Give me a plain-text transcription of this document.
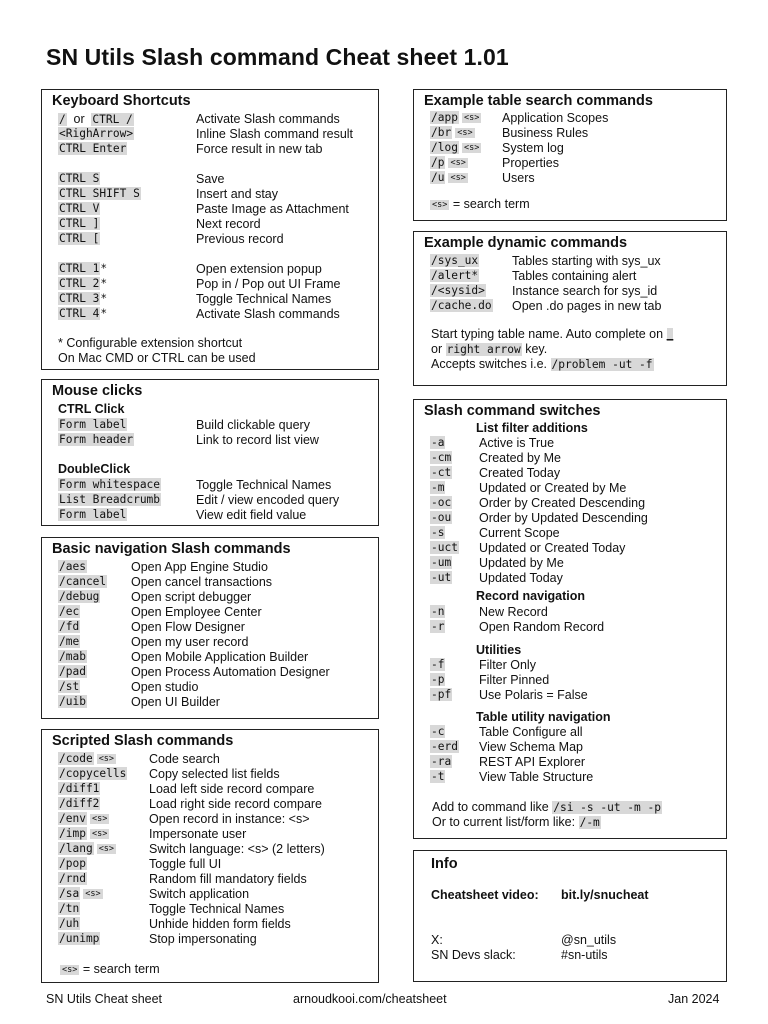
SN Utils Slash command Cheat sheet 1.01
Keyboard Shortcuts
/ or CTRL /	Activate Slash commands
<RighArrow>	Inline Slash command result
CTRL Enter	Force result in new tab
CTRL S	Save
CTRL SHIFT S	Insert and stay
CTRL V	Paste Image as Attachment
CTRL ]	Next record
CTRL [	Previous record
CTRL 1*	Open extension popup
CTRL 2*	Pop in / Pop out UI Frame
CTRL 3*	Toggle Technical Names
CTRL 4*	Activate Slash commands
* Configurable extension shortcut
On Mac CMD or CTRL can be used
Mouse clicks
CTRL Click
Form label	Build clickable query
Form header	Link to record list view
DoubleClick
Form whitespace	Toggle Technical Names
List Breadcrumb	Edit / view encoded query
Form label	View edit field value
Basic navigation Slash commands
/aes	Open App Engine Studio
/cancel Open cancel transactions
/debug	Open script debugger
/ec	Open Employee Center
/fd	Open Flow Designer
/me	Open my user record
/mab	Open Mobile Application Builder
/pad	Open Process Automation Designer
/st	Open studio
/uib	Open UI Builder
Scripted Slash commands
/code <s>	Code search
/copycells Copy selected list fields
/diff1	Load left side record compare
/diff2	Load right side record compare
/env <s>	Open record in instance: <s>
/imp <s>	Impersonate user
/lang <s>	Switch language: <s> (2 letters)
/pop	Toggle full UI
/rnd	Random fill mandatory fields
/sa <s>	Switch application
/tn	Toggle Technical Names
/uh	Unhide hidden form fields
/unimp	Stop impersonating
<s> = search term
Example table search commands
/app <s> Application Scopes
/br <s> Business Rules
/log <s> System log
/p <s>	Properties
/u <s>	Users
<s> = search term
Example dynamic commands
/sys_ux	Tables starting with sys_ux
/alert*	Tables containing alert
/<sysid> Instance search for sys_id
/cache.do Open .do pages in new tab
Start typing table name. Auto complete on _
or right arrow key.
Accepts switches i.e. /problem -ut -f
Slash command switches
List filter additions
-a	Active is True
-cm Created by Me
-ct Created Today
-m	Updated or Created by Me
-oc Order by Created Descending
-ou Order by Updated Descending
-s	Current Scope
-uct Updated or Created Today
-um Updated by Me
-ut Updated Today
Record navigation
-n	New Record
-r	Open Random Record
Utilities
-f	Filter Only
-p	Filter Pinned
-pf Use Polaris = False
Table utility navigation
-c	Table Configure all
-erd View Schema Map
-ra REST API Explorer
-t	View Table Structure
Add to command like /si -s -ut -m -p
Or to current list/form like: /-m
Info
Cheatsheet video: bit.ly/snucheat
X:	@sn_utils
SN Devs slack:	#sn-utils
SN Utils Cheat sheet	arnoudkooi.com/cheatsheet	Jan 2024
